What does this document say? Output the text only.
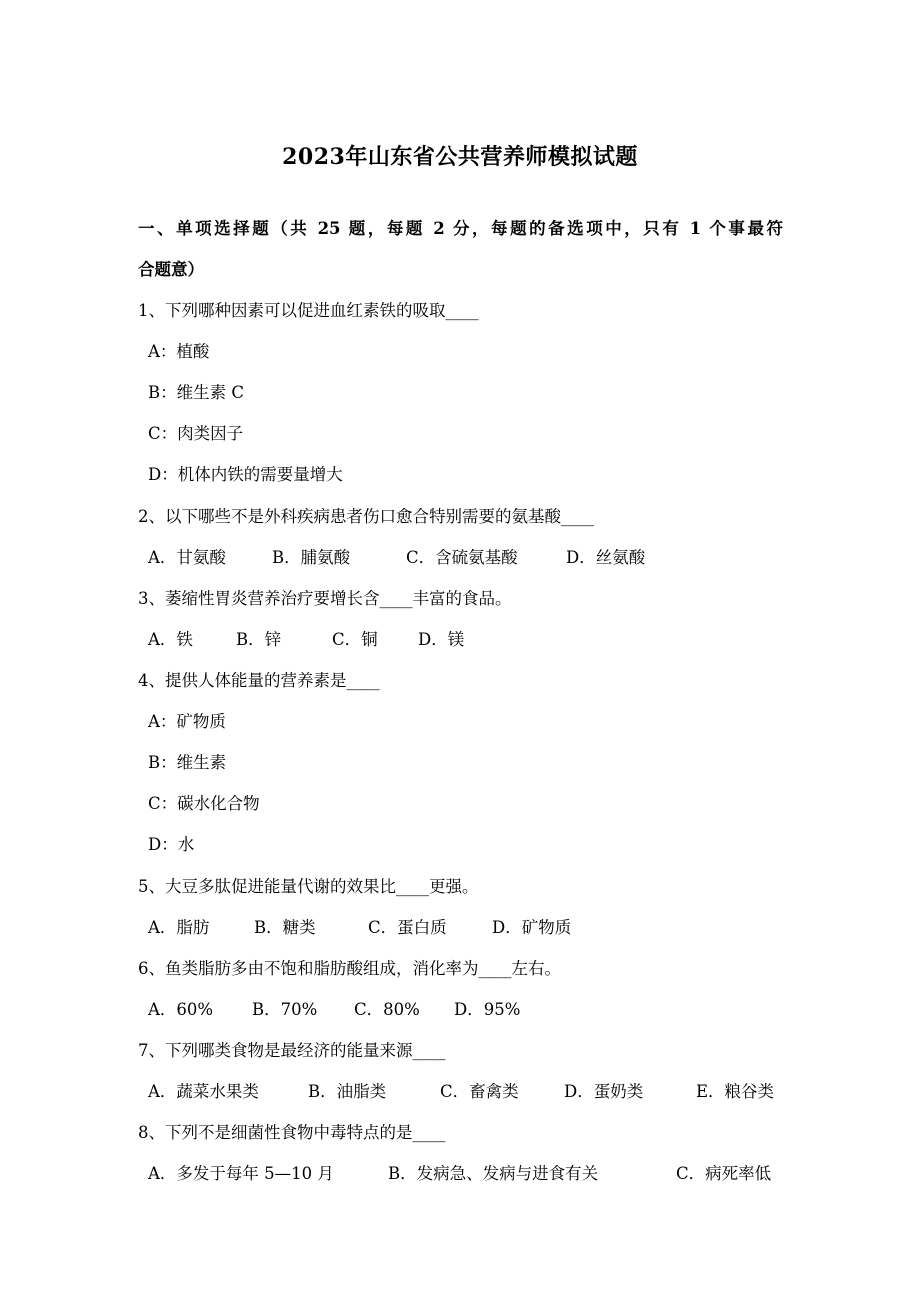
2023年山东省公共营养师模拟试题
一、单项选择题（共 25 题，每题 2 分，每题的备选项中，只有 1 个事最符
合题意）
1、下列哪种因素可以促进血红素铁的吸取____
A：植酸
B：维生素 C
C：肉类因子
D：机体内铁的需要量增大
2、以下哪些不是外科疾病患者伤口愈合特别需要的氨基酸____
A．甘氨酸	B．脯氨酸	C．含硫氨基酸	D．丝氨酸
3、萎缩性胃炎营养治疗要增长含____丰富的食品。
A．铁	B．锌	C．铜 D．镁
4、提供人体能量的营养素是____
A：矿物质
B：维生素
C：碳水化合物
D：水
5、大豆多肽促进能量代谢的效果比____更强。
A．脂肪	B．糖类	C．蛋白质	D．矿物质
6、鱼类脂肪多由不饱和脂肪酸组成，消化率为____左右。
A．60% B．70% C．80% D．95%
7、下列哪类食物是最经济的能量来源____
A．蔬菜水果类	B．油脂类	C．畜禽类	D．蛋奶类	E．粮谷类
8、下列不是细菌性食物中毒特点的是____
A．多发于每年 5—10 月	B．发病急、发病与进食有关	C．病死率低
